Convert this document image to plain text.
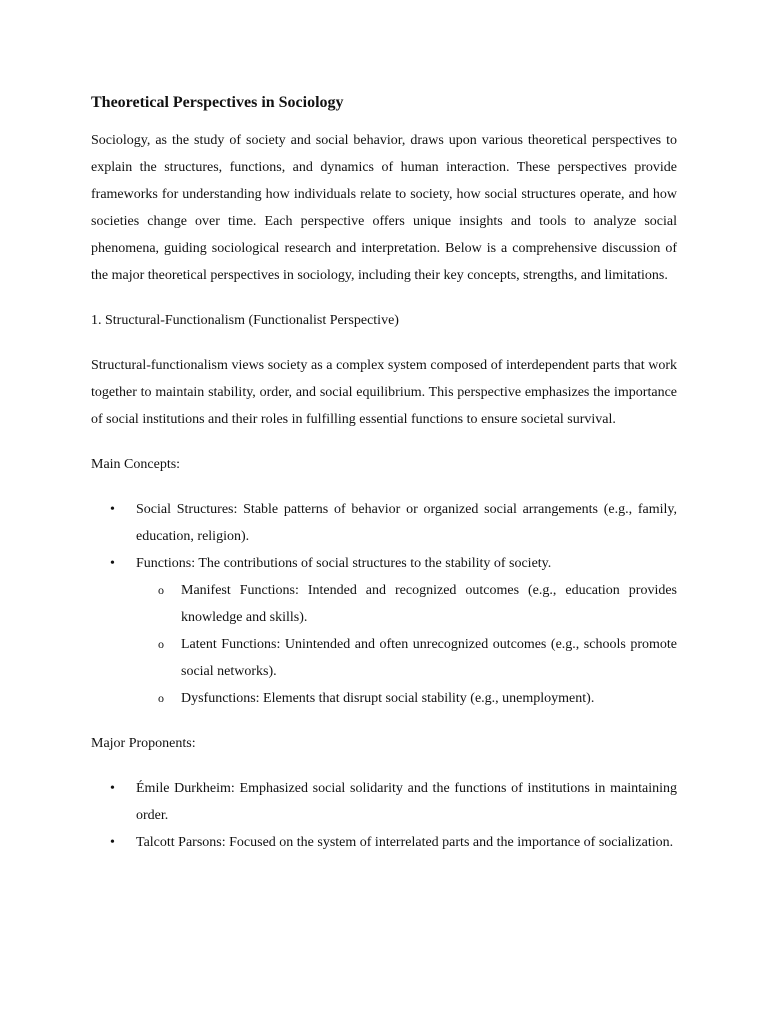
Theoretical Perspectives in Sociology

Sociology, as the study of society and social behavior, draws upon various theoretical perspectives to explain the structures, functions, and dynamics of human interaction. These perspectives provide frameworks for understanding how individuals relate to society, how social structures operate, and how societies change over time. Each perspective offers unique insights and tools to analyze social phenomena, guiding sociological research and interpretation. Below is a comprehensive discussion of the major theoretical perspectives in sociology, including their key concepts, strengths, and limitations.

1. Structural-Functionalism (Functionalist Perspective)

Structural-functionalism views society as a complex system composed of interdependent parts that work together to maintain stability, order, and social equilibrium. This perspective emphasizes the importance of social institutions and their roles in fulfilling essential functions to ensure societal survival.

Main Concepts:

• Social Structures: Stable patterns of behavior or organized social arrangements (e.g., family, education, religion).
• Functions: The contributions of social structures to the stability of society.
o Manifest Functions: Intended and recognized outcomes (e.g., education provides knowledge and skills).
o Latent Functions: Unintended and often unrecognized outcomes (e.g., schools promote social networks).
o Dysfunctions: Elements that disrupt social stability (e.g., unemployment).

Major Proponents:

• Émile Durkheim: Emphasized social solidarity and the functions of institutions in maintaining order.
• Talcott Parsons: Focused on the system of interrelated parts and the importance of socialization.
